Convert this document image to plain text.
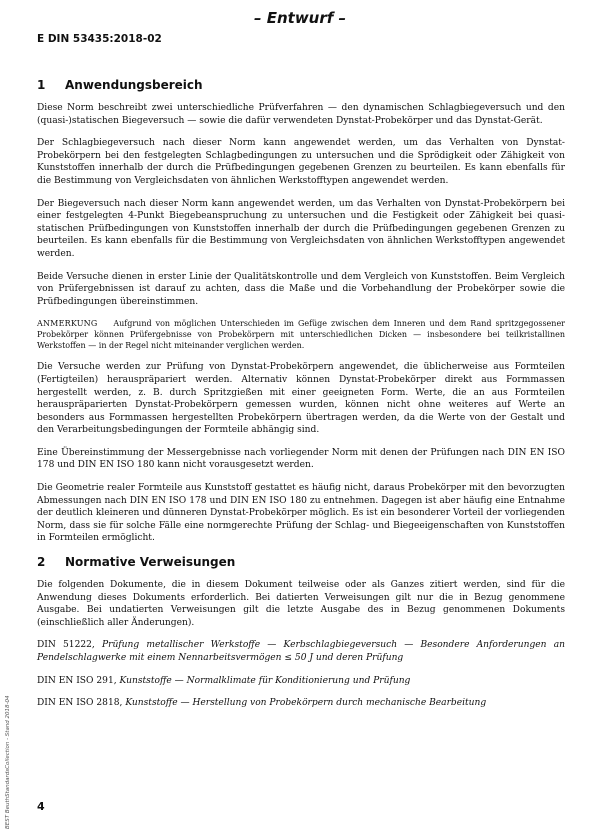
– Entwurf –
E DIN 53435:2018-02
1	Anwendungsbereich

Diese Norm beschreibt zwei unterschiedliche Prüfverfahren — den dynamischen Schlagbiegeversuch und den (quasi-)statischen Biegeversuch — sowie die dafür verwendeten Dynstat-Probekörper und das Dynstat-Gerät.

Der Schlagbiegeversuch nach dieser Norm kann angewendet werden, um das Verhalten von Dynstat-Probekörpern bei den festgelegten Schlagbedingungen zu untersuchen und die Sprödigkeit oder Zähigkeit von Kunststoffen innerhalb der durch die Prüfbedingungen gegebenen Grenzen zu beurteilen. Es kann ebenfalls für die Bestimmung von Vergleichsdaten von ähnlichen Werkstofftypen angewendet werden.

Der Biegeversuch nach dieser Norm kann angewendet werden, um das Verhalten von Dynstat-Probekörpern bei einer festgelegten 4-Punkt Biegebeanspruchung zu untersuchen und die Festigkeit oder Zähigkeit bei quasi-statischen Prüfbedingungen von Kunststoffen innerhalb der durch die Prüfbedingungen gegebenen Grenzen zu beurteilen. Es kann ebenfalls für die Bestimmung von Vergleichsdaten von ähnlichen Werkstofftypen angewendet werden.

Beide Versuche dienen in erster Linie der Qualitätskontrolle und dem Vergleich von Kunststoffen. Beim Vergleich von Prüfergebnissen ist darauf zu achten, dass die Maße und die Vorbehandlung der Probekörper sowie die Prüfbedingungen übereinstimmen.

ANMERKUNG Aufgrund von möglichen Unterschieden im Gefüge zwischen dem Inneren und dem Rand spritzgegossener Probekörper können Prüfergebnisse von Probekörpern mit unterschiedlichen Dicken — insbesondere bei teilkristallinen Werkstoffen — in der Regel nicht miteinander verglichen werden.

Die Versuche werden zur Prüfung von Dynstat-Probekörpern angewendet, die üblicherweise aus Formteilen (Fertigteilen) herauspräpariert werden. Alternativ können Dynstat-Probekörper direkt aus Formmassen hergestellt werden, z. B. durch Spritzgießen mit einer geeigneten Form. Werte, die an aus Formteilen herauspräparierten Dynstat-Probekörpern gemessen wurden, können nicht ohne weiteres auf Werte an besonders aus Formmassen hergestellten Probekörpern übertragen werden, da die Werte von der Gestalt und den Verarbeitungsbedingungen der Formteile abhängig sind.

Eine Übereinstimmung der Messergebnisse nach vorliegender Norm mit denen der Prüfungen nach DIN EN ISO 178 und DIN EN ISO 180 kann nicht vorausgesetzt werden.

Die Geometrie realer Formteile aus Kunststoff gestattet es häufig nicht, daraus Probekörper mit den bevorzugten Abmessungen nach DIN EN ISO 178 und DIN EN ISO 180 zu entnehmen. Dagegen ist aber häufig eine Entnahme der deutlich kleineren und dünneren Dynstat-Probekörper möglich. Es ist ein besonderer Vorteil der vorliegenden Norm, dass sie für solche Fälle eine normgerechte Prüfung der Schlag- und Biegeeigenschaften von Kunststoffen in Formteilen ermöglicht.

2	Normative Verweisungen

Die folgenden Dokumente, die in diesem Dokument teilweise oder als Ganzes zitiert werden, sind für die Anwendung dieses Dokuments erforderlich. Bei datierten Verweisungen gilt nur die in Bezug genommene Ausgabe. Bei undatierten Verweisungen gilt die letzte Ausgabe des in Bezug genommenen Dokuments (einschließlich aller Änderungen).

DIN 51222, Prüfung metallischer Werkstoffe — Kerbschlagbiegeversuch — Besondere Anforderungen an Pendelschlagwerke mit einem Nennarbeitsvermögen ≤ 50 J und deren Prüfung
DIN EN ISO 291, Kunststoffe — Normalklimate für Konditionierung und Prüfung
DIN EN ISO 2818, Kunststoffe — Herstellung von Probekörpern durch mechanische Bearbeitung
4
BEST BeuthStandardsCollection - Stand 2018-04
